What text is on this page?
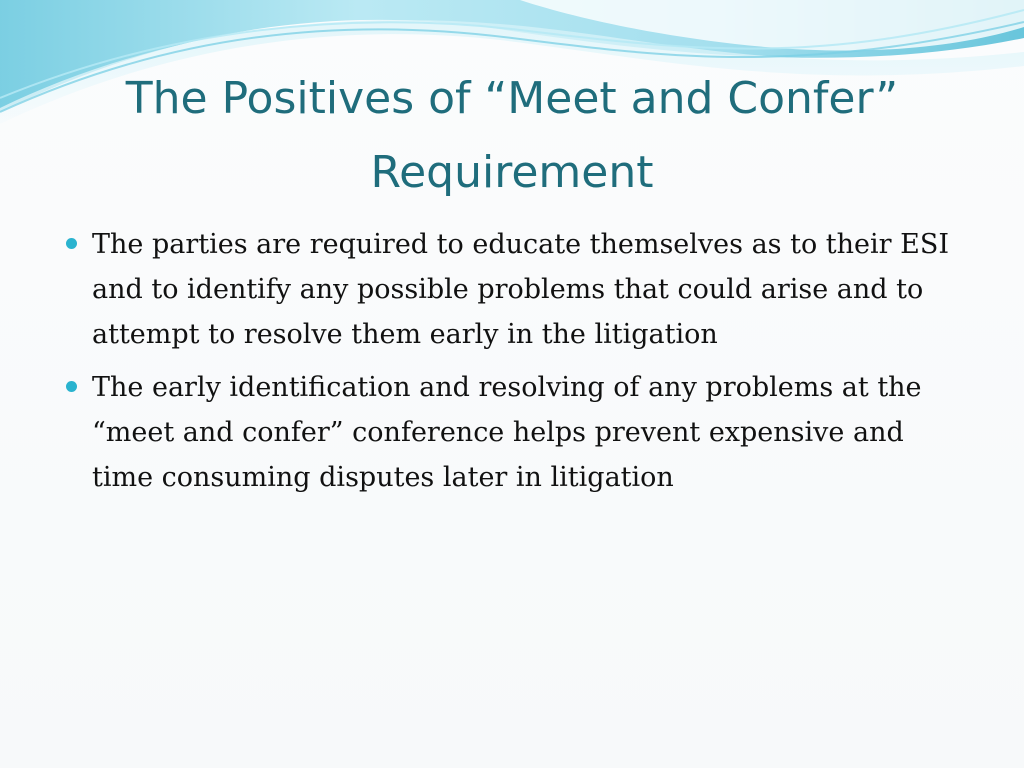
The Positives of “Meet and Confer”
Requirement
The parties are required to educate themselves as to their ESI and to identify any possible problems that could arise and to attempt to resolve them early in the litigation
The early identification and resolving of any problems at the “meet and confer” conference helps prevent expensive and time consuming disputes later in litigation
